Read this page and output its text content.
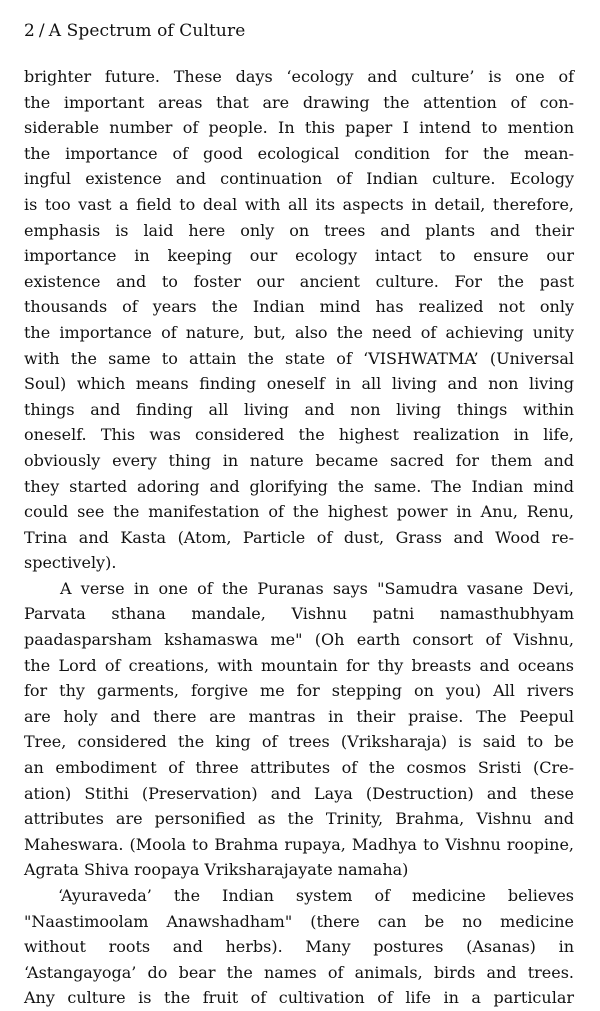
2 / A Spectrum of Culture
brighter future. These days ‘ecology and culture’ is one of
the important areas that are drawing the attention of con-
siderable number of people. In this paper I intend to mention
the importance of good ecological condition for the mean-
ingful existence and continuation of Indian culture. Ecology
is too vast a field to deal with all its aspects in detail, therefore,
emphasis is laid here only on trees and plants and their
importance in keeping our ecology intact to ensure our
existence and to foster our ancient culture. For the past
thousands of years the Indian mind has realized not only
the importance of nature, but, also the need of achieving unity
with the same to attain the state of ‘VISHWATMA’ (Universal
Soul) which means finding oneself in all living and non living
things and finding all living and non living things within
oneself. This was considered the highest realization in life,
obviously every thing in nature became sacred for them and
they started adoring and glorifying the same. The Indian mind
could see the manifestation of the highest power in Anu, Renu,
Trina and Kasta (Atom, Particle of dust, Grass and Wood re-
spectively).
A verse in one of the Puranas says "Samudra vasane Devi,
Parvata sthana mandale, Vishnu patni namasthubhyam
paadasparsham kshamaswa me" (Oh earth consort of Vishnu,
the Lord of creations, with mountain for thy breasts and oceans
for thy garments, forgive me for stepping on you) All rivers
are holy and there are mantras in their praise. The Peepul
Tree, considered the king of trees (Vriksharaja) is said to be
an embodiment of three attributes of the cosmos Sristi (Cre-
ation) Stithi (Preservation) and Laya (Destruction) and these
attributes are personified as the Trinity, Brahma, Vishnu and
Maheswara. (Moola to Brahma rupaya, Madhya to Vishnu roopine,
Agrata Shiva roopaya Vriksharajayate namaha)
‘Ayuraveda’ the Indian system of medicine believes
"Naastimoolam Anawshadham" (there can be no medicine
without roots and herbs). Many postures (Asanas) in
‘Astangayoga’ do bear the names of animals, birds and trees.
Any culture is the fruit of cultivation of life in a particular
